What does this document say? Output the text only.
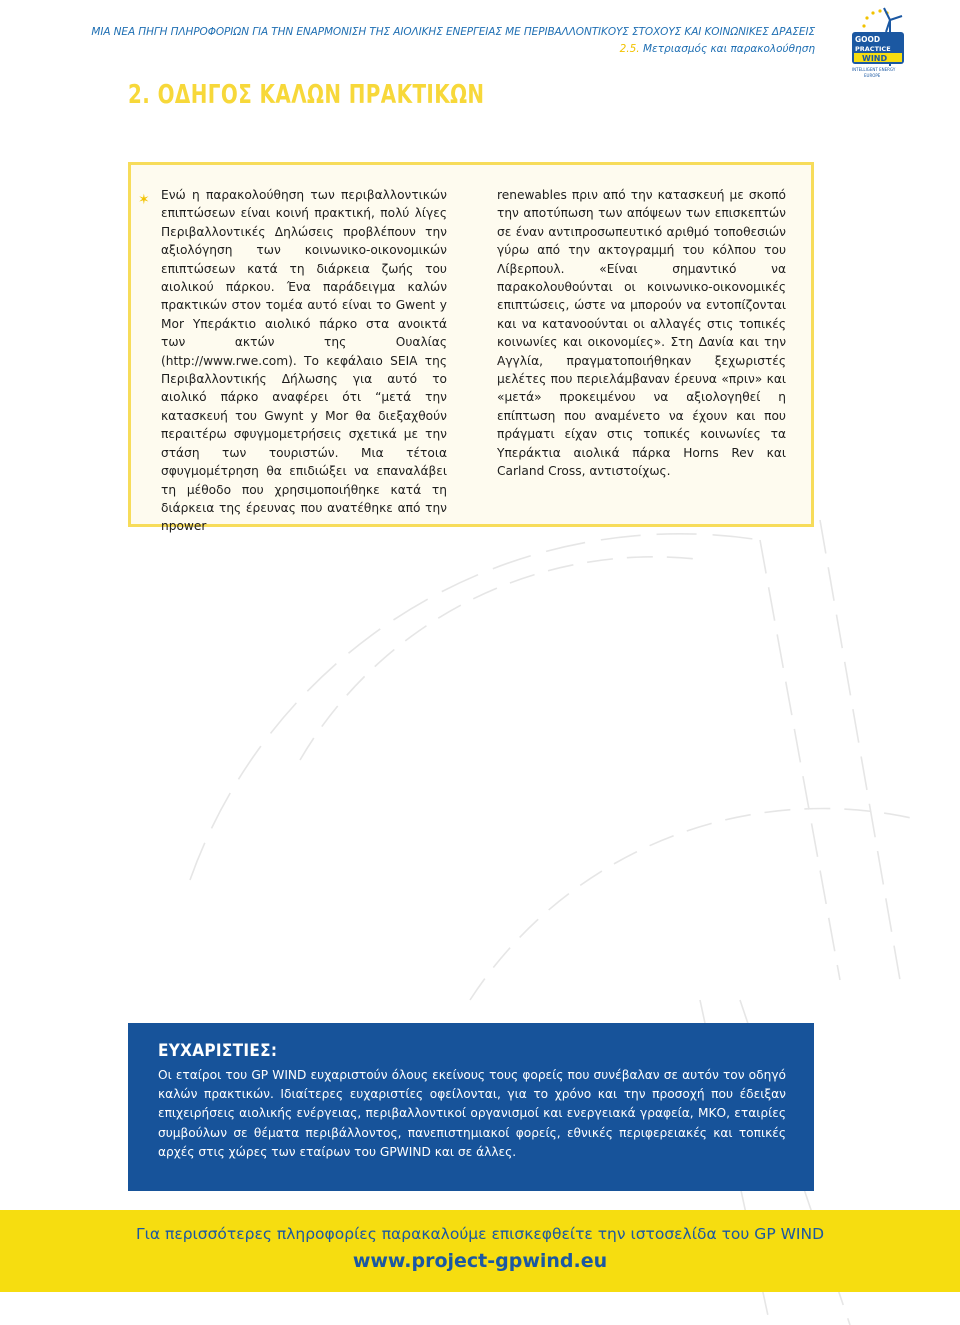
ΜΙΑ ΝΕΑ ΠΗΓΗ ΠΛΗΡΟΦΟΡΙΩΝ ΓΙΑ ΤΗΝ ΕΝΑΡΜΟΝΙΣΗ ΤΗΣ ΑΙΟΛΙΚΗΣ ΕΝΕΡΓΕΙΑΣ ΜΕ ΠΕΡΙΒΑΛΛΟΝΤΙΚΟΥΣ ΣΤΟΧΟΥΣ ΚΑΙ ΚΟΙΝΩΝΙΚΕΣ ΔΡΑΣΕΙΣ
2.5. Μετριασμός και παρακολούθηση
GOOD
PRACTICE
WIND
INTELLIGENT ENERGY
EUROPE
2. ΟΔΗΓΟΣ ΚΑΛΩΝ ΠΡΑΚΤΙΚΩΝ
✶ Ενώ η παρακολούθηση των περιβαλλοντικών επιπτώσεων είναι κοινή πρακτική, πολύ λίγες Περιβαλλοντικές Δηλώσεις προβλέπουν την αξιολόγηση των κοινωνικο-οικονομικών επιπτώσεων κατά τη διάρκεια ζωής του αιολικού πάρκου. Ένα παράδειγμα καλών πρακτικών στον τομέα αυτό είναι το Gwent y Mor Υπεράκτιο αιολικό πάρκο στα ανοικτά των ακτών της Ουαλίας (http://www.rwe.com). Το κεφάλαιο SEIA της Περιβαλλοντικής Δήλωσης για αυτό το αιολικό πάρκο αναφέρει ότι “μετά την κατασκευή του Gwynt y Mor θα διεξαχθούν περαιτέρω σφυγμομετρήσεις σχετικά με την στάση των τουριστών. Μια τέτοια σφυγμομέτρηση θα επιδιώξει να επαναλάβει τη μέθοδο που χρησιμοποιήθηκε κατά τη διάρκεια της έρευνας που ανατέθηκε από την npower
renewables πριν από την κατασκευή με σκοπό την αποτύπωση των απόψεων των επισκεπτών σε έναν αντιπροσωπευτικό αριθμό τοποθεσιών γύρω από την ακτογραμμή του κόλπου του Λίβερπουλ. «Είναι σημαντικό να παρακολουθούνται οι κοινωνικο-οικονομικές επιπτώσεις, ώστε να μπορούν να εντοπίζονται και να κατανοούνται οι αλλαγές στις τοπικές κοινωνίες και οικονομίες». Στη Δανία και την Αγγλία, πραγματοποιήθηκαν ξεχωριστές μελέτες που περιελάμβαναν έρευνα «πριν» και «μετά» προκειμένου να αξιολογηθεί η επίπτωση που αναμένετο να έχουν και που πράγματι είχαν στις τοπικές κοινωνίες τα Υπεράκτια αιολικά πάρκα Horns Rev και Carland Cross, αντιστοίχως.
ΕΥΧΑΡΙΣΤΙΕΣ:
Οι εταίροι του GP WIND ευχαριστούν όλους εκείνους τους φορείς που συνέβαλαν σε αυτόν τον οδηγό καλών πρακτικών. Ιδιαίτερες ευχαριστίες οφείλονται, για το χρόνο και την προσοχή που έδειξαν επιχειρήσεις αιολικής ενέργειας, περιβαλλοντικοί οργανισμοί και ενεργειακά γραφεία, ΜΚΟ, εταιρίες συμβούλων σε θέματα περιβάλλοντος, πανεπιστημιακοί φορείς, εθνικές περιφερειακές και τοπικές αρχές στις χώρες των εταίρων του GPWIND και σε άλλες.
Για περισσότερες πληροφορίες παρακαλούμε επισκεφθείτε την ιστοσελίδα του GP WIND
www.project-gpwind.eu
